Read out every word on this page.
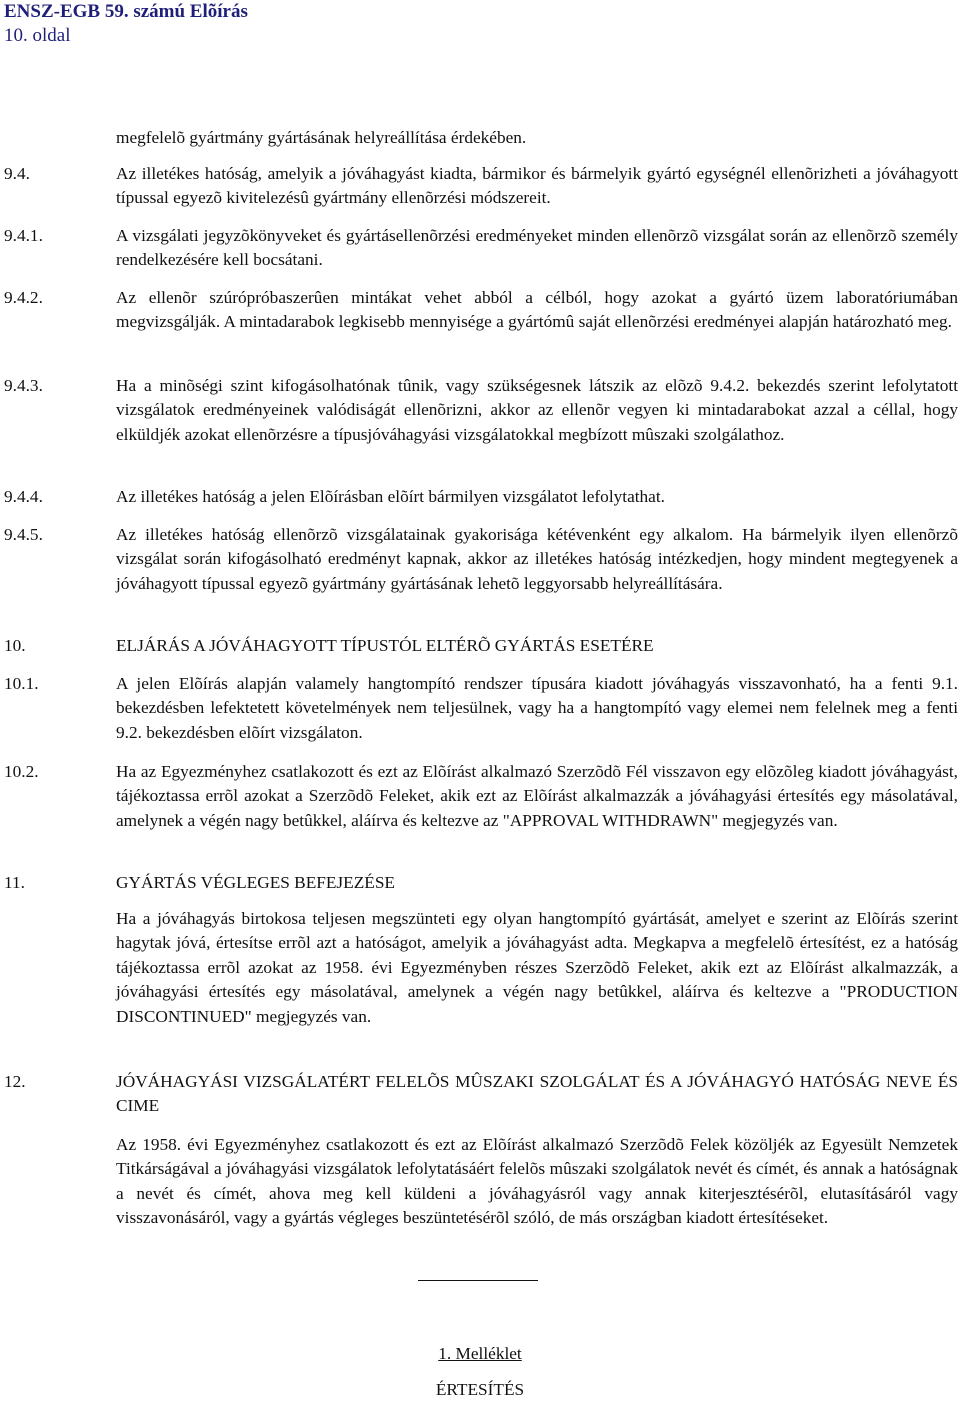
ENSZ-EGB 59. számú Elõírás
10. oldal
megfelelõ gyártmány gyártásának helyreállítása érdekében.
9.4.	Az illetékes hatóság, amelyik a jóváhagyást kiadta, bármikor és bármelyik gyártó egységnél ellenõrizheti a jóváhagyott típussal egyezõ kivitelezésû gyártmány ellenõrzési módszereit.
9.4.1.	A vizsgálati jegyzõkönyveket és gyártásellenõrzési eredményeket minden ellenõrzõ vizsgálat során az ellenõrzõ személy rendelkezésére kell bocsátani.
9.4.2.	Az ellenõr szúrópróbaszerûen mintákat vehet abból a célból, hogy azokat a gyártó üzem laboratóriumában megvizsgálják. A mintadarabok legkisebb mennyisége a gyártómû saját ellenõrzési eredményei alapján határozható meg.
9.4.3.	Ha a minõségi szint kifogásolhatónak tûnik, vagy szükségesnek látszik az elõzõ 9.4.2. bekezdés szerint lefolytatott vizsgálatok eredményeinek valódiságát ellenõrizni, akkor az ellenõr vegyen ki mintadarabokat azzal a céllal, hogy elküldjék azokat ellenõrzésre a típusjóváhagyási vizsgálatokkal megbízott mûszaki szolgálathoz.
9.4.4.	Az illetékes hatóság a jelen Elõírásban elõírt bármilyen vizsgálatot lefolytathat.
9.4.5.	Az illetékes hatóság ellenõrzõ vizsgálatainak gyakorisága kétévenként egy alkalom. Ha bármelyik ilyen ellenõrzõ vizsgálat során kifogásolható eredményt kapnak, akkor az illetékes hatóság intézkedjen, hogy mindent megtegyenek a jóváhagyott típussal egyezõ gyártmány gyártásának lehetõ leggyorsabb helyreállítására.
10.	ELJÁRÁS A JÓVÁHAGYOTT TÍPUSTÓL ELTÉRÕ GYÁRTÁS ESETÉRE
10.1.	A jelen Elõírás alapján valamely hangtompító rendszer típusára kiadott jóváhagyás visszavonható, ha a fenti 9.1. bekezdésben lefektetett követelmények nem teljesülnek, vagy ha a hangtompító vagy elemei nem felelnek meg a fenti 9.2. bekezdésben elõírt vizsgálaton.
10.2.	Ha az Egyezményhez csatlakozott és ezt az Elõírást alkalmazó Szerzõdõ Fél visszavon egy elõzõleg kiadott jóváhagyást, tájékoztassa errõl azokat a Szerzõdõ Feleket, akik ezt az Elõírást alkalmazzák a jóváhagyási értesítés egy másolatával, amelynek a végén nagy betûkkel, aláírva és keltezve az "APPROVAL WITHDRAWN" megjegyzés van.
11.	GYÁRTÁS VÉGLEGES BEFEJEZÉSE
Ha a jóváhagyás birtokosa teljesen megszünteti egy olyan hangtompító gyártását, amelyet e szerint az Elõírás szerint hagytak jóvá, értesítse errõl azt a hatóságot, amelyik a jóváhagyást adta. Megkapva a megfelelõ értesítést, ez a hatóság tájékoztassa errõl azokat az 1958. évi Egyezményben részes Szerzõdõ Feleket, akik ezt az Elõírást alkalmazzák, a jóváhagyási értesítés egy másolatával, amelynek a végén nagy betûkkel, aláírva és keltezve a "PRODUCTION DISCONTINUED" megjegyzés van.
12.	JÓVÁHAGYÁSI VIZSGÁLATÉRT FELELÕS MÛSZAKI SZOLGÁLAT ÉS A JÓVÁHAGYÓ HATÓSÁG NEVE ÉS CIME
Az 1958. évi Egyezményhez csatlakozott és ezt az Elõírást alkalmazó Szerzõdõ Felek közöljék az Egyesült Nemzetek Titkárságával a jóváhagyási vizsgálatok lefolytatásáért felelõs mûszaki szolgálatok nevét és címét, és annak a hatóságnak a nevét és címét, ahova meg kell küldeni a jóváhagyásról vagy annak kiterjesztésérõl, elutasításáról vagy visszavonásáról, vagy a gyártás végleges beszüntetésérõl szóló, de más országban kiadott értesítéseket.
1. Melléklet
ÉRTESÍTÉS
